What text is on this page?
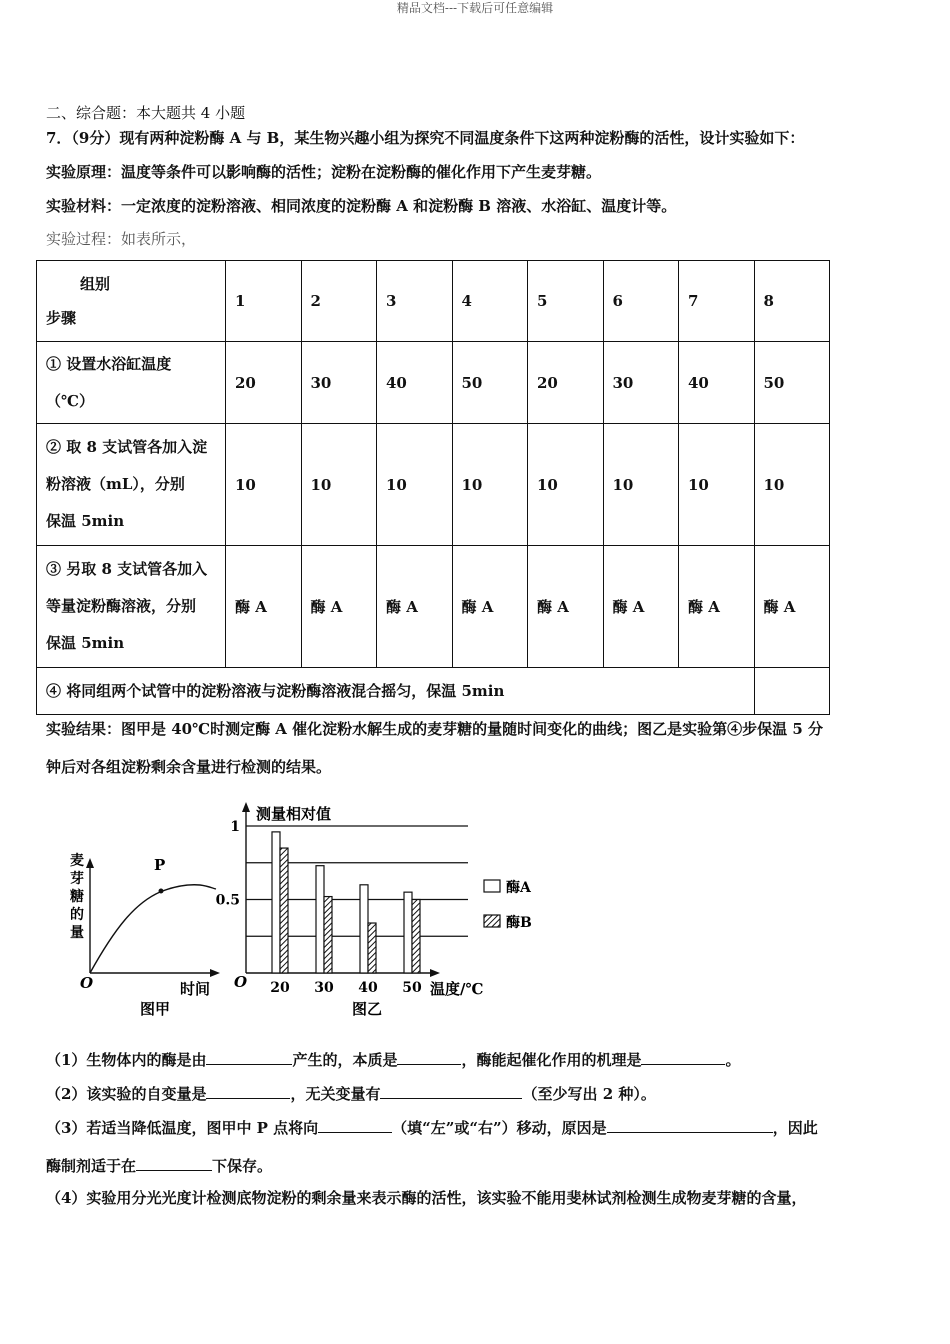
精品文档---下载后可任意编辑
二、综合题：本大题共 4 小题
7．（9分）现有两种淀粉酶 A 与 B，某生物兴趣小组为探究不同温度条件下这两种淀粉酶的活性，设计实验如下：
实验原理：温度等条件可以影响酶的活性；淀粉在淀粉酶的催化作用下产生麦芽糖。
实验材料：一定浓度的淀粉溶液、相同浓度的淀粉酶 A 和淀粉酶 B 溶液、水浴缸、温度计等。
实验过程：如表所示，
组别
步骤	1	2	3	4	5	6	7	8

① 设置水浴缸温度
（℃）	20	30	40	50	20	30	40	50

② 取 8 支试管各加入淀
粉溶液（mL），分别
保温 5min	10	10	10	10	10	10	10	10

③ 另取 8 支试管各加入
等量淀粉酶溶液，分别
保温 5min	酶 A	酶 A	酶 A	酶 A	酶 A	酶 A	酶 A	酶 A
④ 将同组两个试管中的淀粉溶液与淀粉酶溶液混合摇匀，保温 5min								
实验结果：图甲是 40℃时测定酶 A 催化淀粉水解生成的麦芽糖的量随时间变化的曲线；图乙是实验第④步保温 5 分
钟后对各组淀粉剩余含量进行检测的结果。
P
麦
芽
糖
的
量
O	时间
图甲
测量相对值
O	温度/℃
图乙
1
0.5
20 30 40 50
酶A
酶B
（1）生物体内的酶是由	产生的，本质是	，酶能起催化作用的机理是	。
（2）该实验的自变量是	，无关变量有	（至少写出 2 种）。
（3）若适当降低温度，图甲中 P 点将向	（填“左”或“右”）移动，原因是	，因此
酶制剂适于在	下保存。
（4）实验用分光光度计检测底物淀粉的剩余量来表示酶的活性，该实验不能用斐林试剂检测生成物麦芽糖的含量，
